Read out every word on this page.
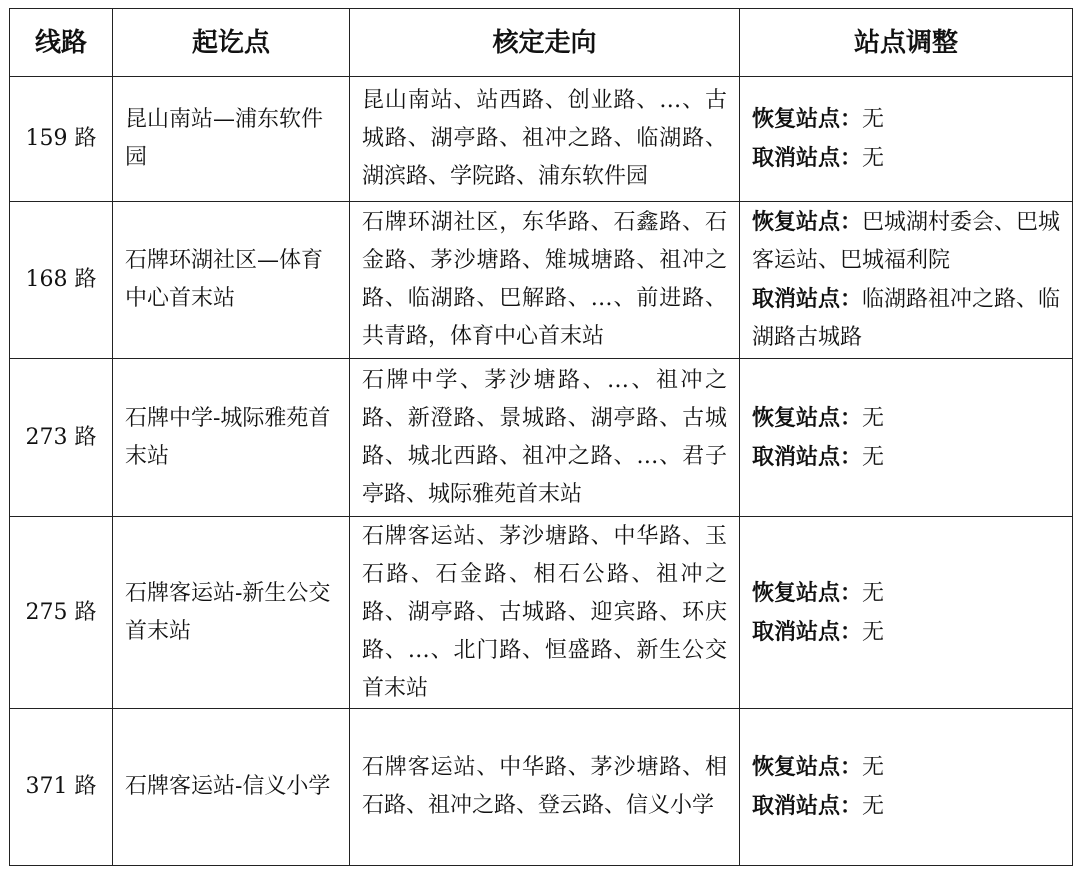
线路	起讫点	核定走向	站点调整
159 路	昆山南站—浦东软件园	昆山南站、站西路、创业路、…、古城路、湖亭路、祖冲之路、临湖路、湖滨路、学院路、浦东软件园	恢复站点：无
取消站点：无

168 路	石牌环湖社区—体育中心首末站	石牌环湖社区，东华路、石鑫路、石金路、茅沙塘路、雉城塘路、祖冲之路、临湖路、巴解路、…、前进路、共青路，体育中心首末站	恢复站点：巴城湖村委会、巴城客运站、巴城福利院
取消站点：临湖路祖冲之路、临湖路古城路

273 路	石牌中学-城际雅苑首末站	石牌中学、茅沙塘路、…、祖冲之路、新澄路、景城路、湖亭路、古城路、城北西路、祖冲之路、…、君子亭路、城际雅苑首末站	恢复站点：无
取消站点：无

275 路	石牌客运站-新生公交首末站	石牌客运站、茅沙塘路、中华路、玉石路、石金路、相石公路、祖冲之路、湖亭路、古城路、迎宾路、环庆路、…、北门路、恒盛路、新生公交首末站	恢复站点：无
取消站点：无

371 路	石牌客运站-信义小学	石牌客运站、中华路、茅沙塘路、相石路、祖冲之路、登云路、信义小学	恢复站点：无
取消站点：无
